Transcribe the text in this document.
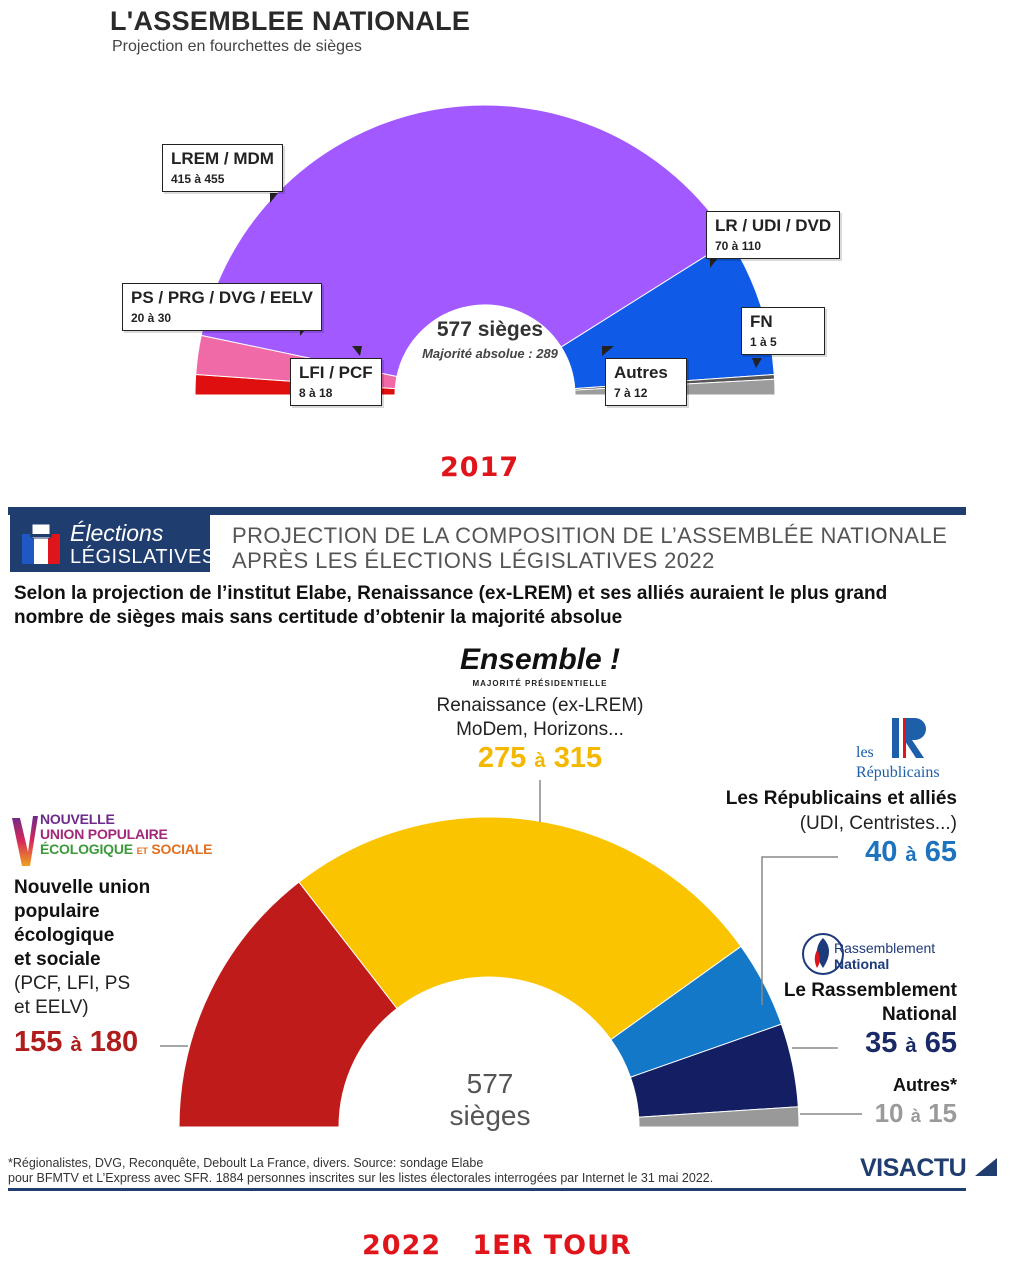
L'ASSEMBLEE NATIONALE
Projection en fourchettes de sièges
LREM / MDM
415 à 455
PS / PRG / DVG / EELV
20 à 30
LFI / PCF
8 à 18
LR / UDI / DVD
70 à 110
FN
1 à 5
Autres
7 à 12
577 sièges
Majorité absolue : 289
2017
Élections
LÉGISLATIVES
PROJECTION DE LA COMPOSITION DE L’ASSEMBLÉE NATIONALE
APRÈS LES ÉLECTIONS LÉGISLATIVES 2022
Selon la projection de l’institut Elabe, Renaissance (ex-LREM) et ses alliés auraient le plus grand
nombre de sièges mais sans certitude d’obtenir la majorité absolue
Ensemble !
MAJORITÉ PRÉSIDENTIELLE
Renaissance (ex-LREM)
MoDem, Horizons...
275 à 315	les
Républicains
Les Républicains et alliés
(UDI, Centristes...)
40 à 65
Rassemblement
National
Le Rassemblement
National
35 à 65
Autres*
10 à 15
NOUVELLE
UNION POPULAIRE
ÉCOLOGIQUE ET SOCIALE
Nouvelle union
populaire
écologique
et sociale
(PCF, LFI, PS
et EELV)
155 à 180
577
sièges
*Régionalistes, DVG, Reconquête, Deboult La France, divers. Source: sondage Elabe
pour BFMTV et L’Express avec SFR. 1884 personnes inscrites sur les listes électorales interrogées par Internet le 31 mai 2022.	VISACTU
2022   1ER TOUR
